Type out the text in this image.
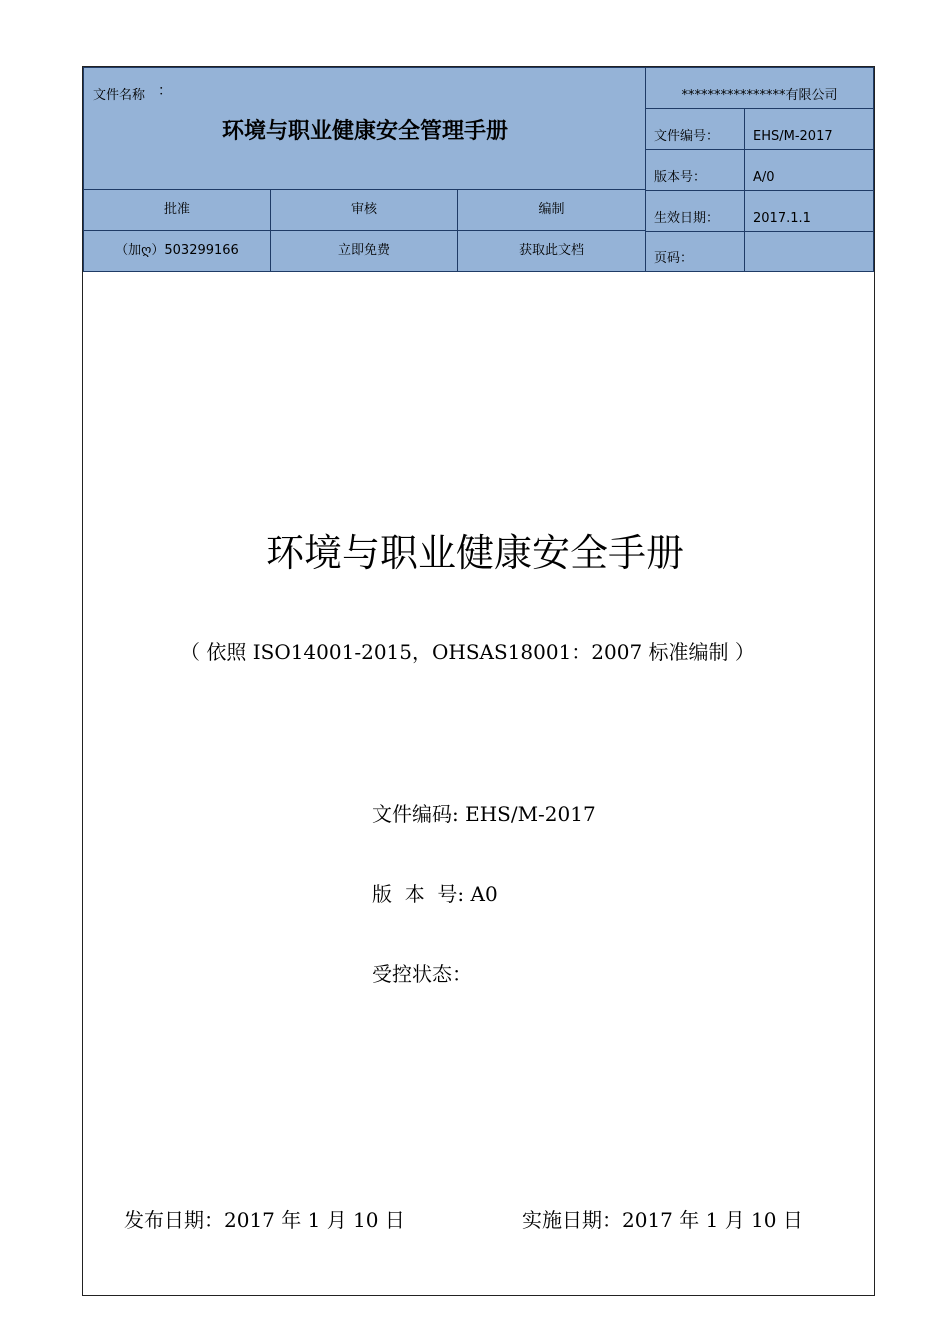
文件名称 ：
环境与职业健康安全管理手册
****************有限公司
文件编号：	EHS/M-2017
版本号：	A/0
生效日期：	2017.1.1
页码：
批准	审核	编制
（加ღ）503299166	立即免费	获取此文档
环境与职业健康安全手册
（ 依照 ISO14001-2015，OHSAS18001：2007 标准编制 ）
文件编码: EHS/M-2017
版  本  号: A0
受控状态：
发布日期：2017 年 1 月 10 日	实施日期：2017 年 1 月 10 日
